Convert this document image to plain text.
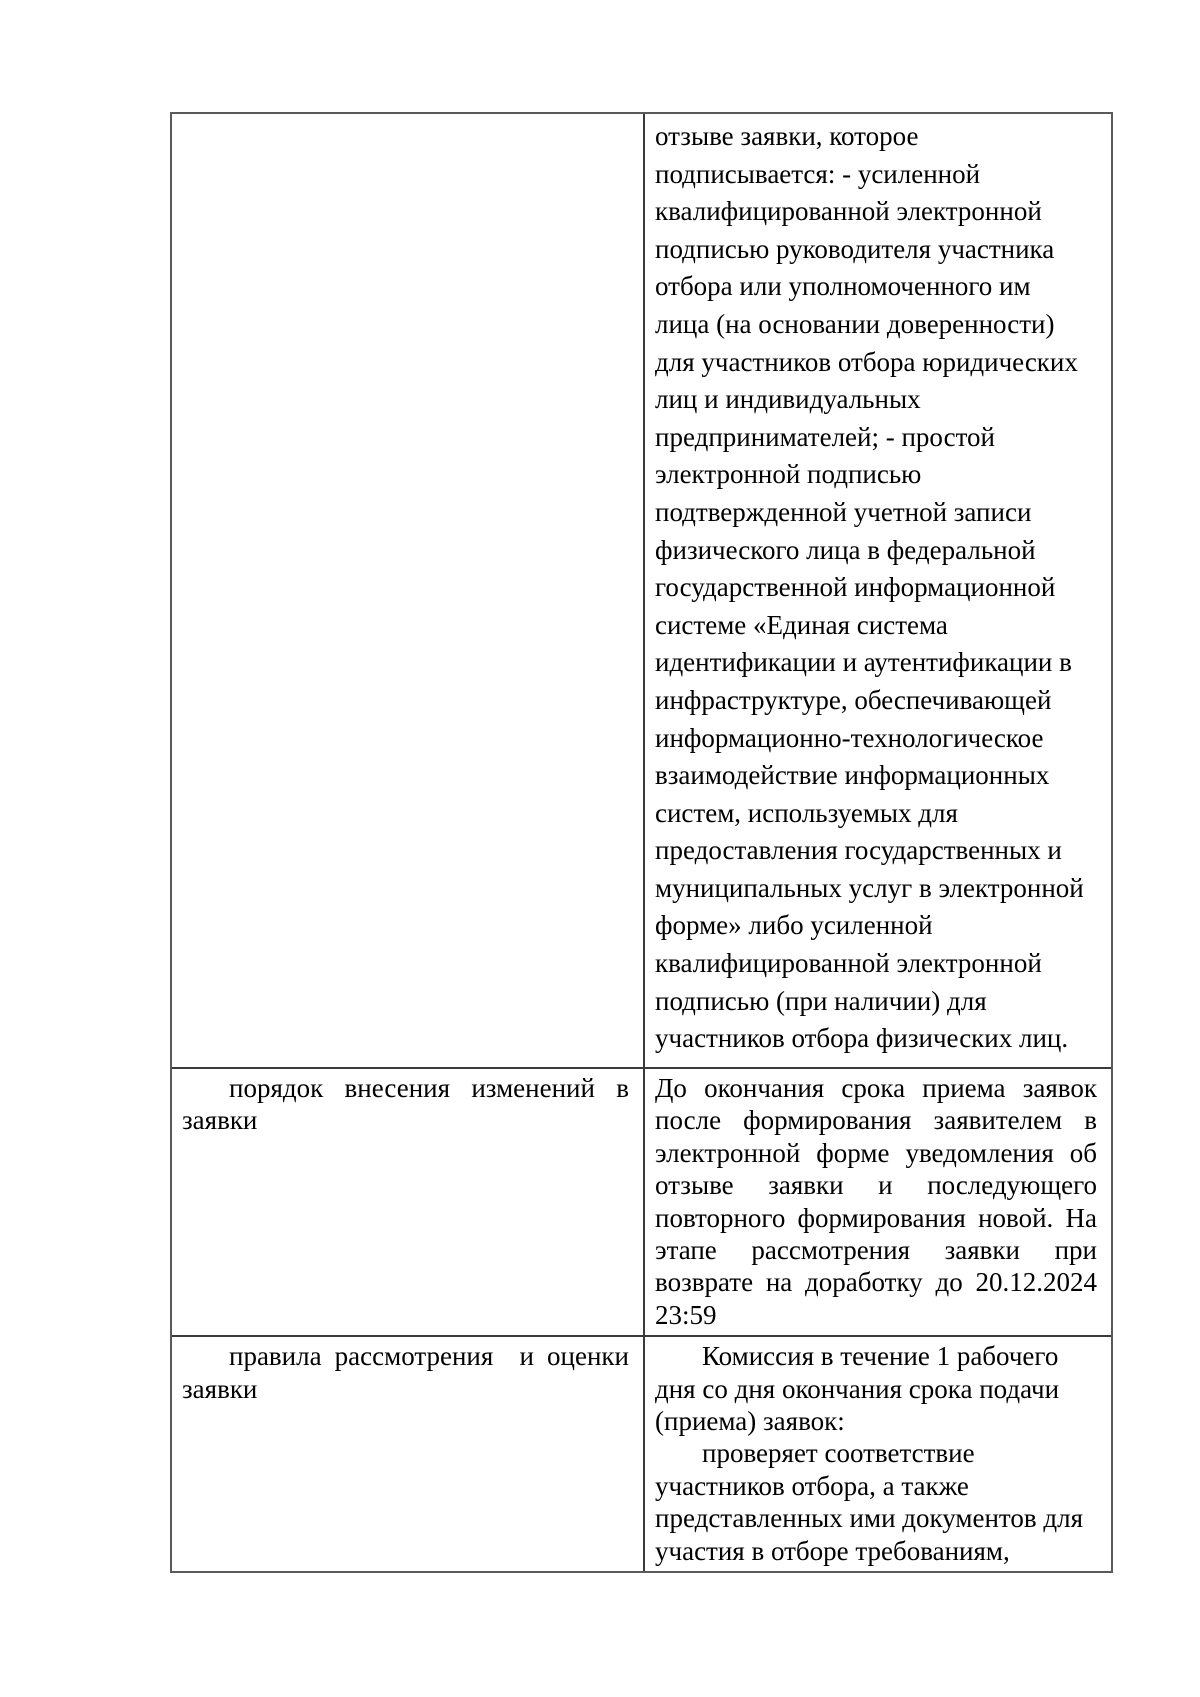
отзыве заявки, которое
подписывается: - усиленной
квалифицированной электронной
подписью руководителя участника
отбора или уполномоченного им
лица (на основании доверенности)
для участников отбора юридических
лиц и индивидуальных
предпринимателей; - простой
электронной подписью
подтвержденной учетной записи
физического лица в федеральной
государственной информационной
системе «Единая система
идентификации и аутентификации в
инфраструктуре, обеспечивающей
информационно-технологическое
взаимодействие информационных
систем, используемых для
предоставления государственных и
муниципальных услуг в электронной
форме» либо усиленной
квалифицированной электронной
подписью (при наличии) для
участников отбора физических лиц.
порядок внесения изменений в
заявки
До окончания срока приема заявок
после формирования заявителем в
электронной форме уведомления об
отзыве заявки и последующего
повторного формирования новой. На
этапе рассмотрения заявки при
возврате на доработку до 20.12.2024
23:59
правила рассмотрения  и оценки
заявки
Комиссия в течение 1 рабочего
дня со дня окончания срока подачи
(приема) заявок:
проверяет соответствие
участников отбора, а также
представленных ими документов для
участия в отборе требованиям,
